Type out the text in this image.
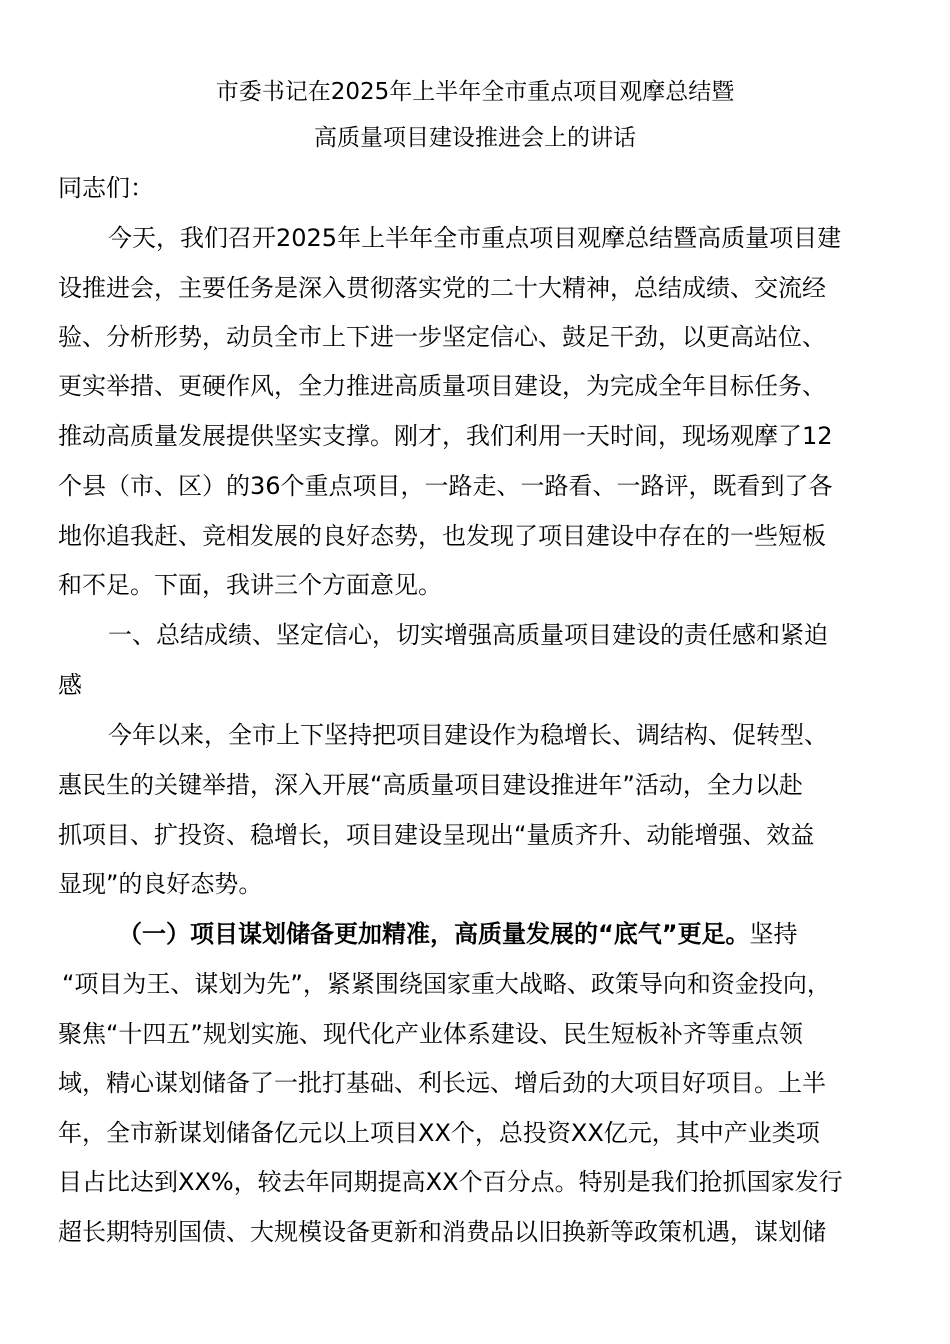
市委书记在2025年上半年全市重点项目观摩总结暨
高质量项目建设推进会上的讲话

同志们：

今天，我们召开2025年上半年全市重点项目观摩总结暨高质量项目建

设推进会，主要任务是深入贯彻落实党的二十大精神，总结成绩、交流经

验、分析形势，动员全市上下进一步坚定信心、鼓足干劲，以更高站位、

更实举措、更硬作风，全力推进高质量项目建设，为完成全年目标任务、

推动高质量发展提供坚实支撑。刚才，我们利用一天时间，现场观摩了12

个县（市、区）的36个重点项目，一路走、一路看、一路评，既看到了各

地你追我赶、竞相发展的良好态势，也发现了项目建设中存在的一些短板

和不足。下面，我讲三个方面意见。

一、总结成绩、坚定信心，切实增强高质量项目建设的责任感和紧迫

感

今年以来，全市上下坚持把项目建设作为稳增长、调结构、促转型、

惠民生的关键举措，深入开展“高质量项目建设推进年”活动，全力以赴

抓项目、扩投资、稳增长，项目建设呈现出“量质齐升、动能增强、效益

显现”的良好态势。

（一）项目谋划储备更加精准，高质量发展的“底气”更足。坚持

“项目为王、谋划为先”，紧紧围绕国家重大战略、政策导向和资金投向，

聚焦“十四五”规划实施、现代化产业体系建设、民生短板补齐等重点领

域，精心谋划储备了一批打基础、利长远、增后劲的大项目好项目。上半

年，全市新谋划储备亿元以上项目XX个，总投资XX亿元，其中产业类项

目占比达到XX%，较去年同期提高XX个百分点。特别是我们抢抓国家发行

超长期特别国债、大规模设备更新和消费品以旧换新等政策机遇，谋划储
